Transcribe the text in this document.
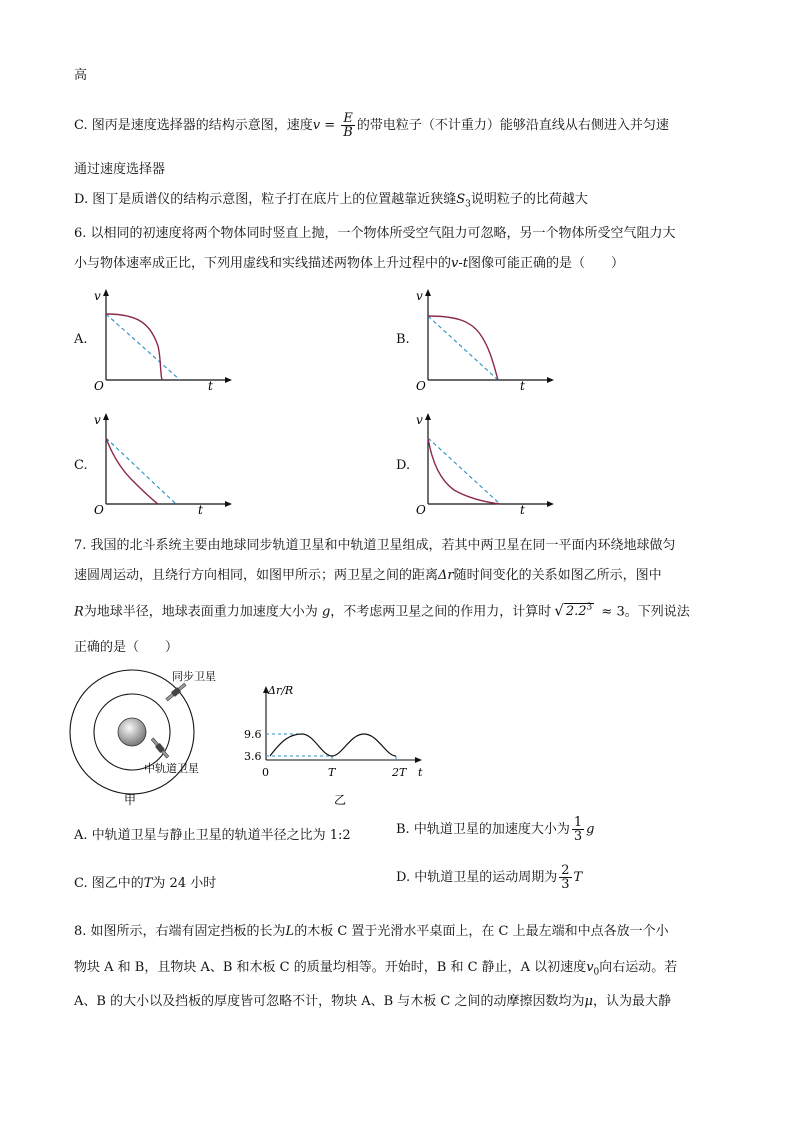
高
C. 图丙是速度选择器的结构示意图，速度$v = \frac{E}{B}$ 的带电粒子（不计重力）能够沿直线从右侧进入并匀速
通过速度选择器
D. 图丁是质谱仪的结构示意图，粒子打在底片上的位置越靠近狭缝$S_3$说明粒子的比荷越大
6. 以相同的初速度将两个物体同时竖直上抛，一个物体所受空气阻力可忽略，另一个物体所受空气阻力大
小与物体速率成正比，下列用虚线和实线描述两物体上升过程中的v-t图像可能正确的是（　　）
A.	B.
C.	D.
v
t
O
v
t
O
v
t
O
v
t
O
7. 我国的北斗系统主要由地球同步轨道卫星和中轨道卫星组成，若其中两卫星在同一平面内环绕地球做匀
速圆周运动，且绕行方向相同，如图甲所示；两卫星之间的距离Δr随时间变化的关系如图乙所示，图中
R为地球半径，地球表面重力加速度大小为 g，不考虑两卫星之间的作用力，计算时 √ $2.2^3 \approx 3$。下列说法
正确的是（　　）
同步卫星
中轨道卫星
甲
Δr/R
9.6
3.6
0	T	2T t
乙
A. 中轨道卫星与静止卫星的轨道半径之比为 1:2	B. 中轨道卫星的加速度大小为 $\frac{1}{3}$ g
C. 图乙中的T为 24 小时	D. 中轨道卫星的运动周期为 $\frac{2}{3}$ T
8. 如图所示，右端有固定挡板的长为L的木板 C 置于光滑水平桌面上，在 C 上最左端和中点各放一个小
物块 A 和 B，且物块 A、B 和木板 C 的质量均相等。开始时，B 和 C 静止，A 以初速度$v_0$向右运动。若
A、B 的大小以及挡板的厚度皆可忽略不计，物块 A、B 与木板 C 之间的动摩擦因数均为μ，认为最大静
